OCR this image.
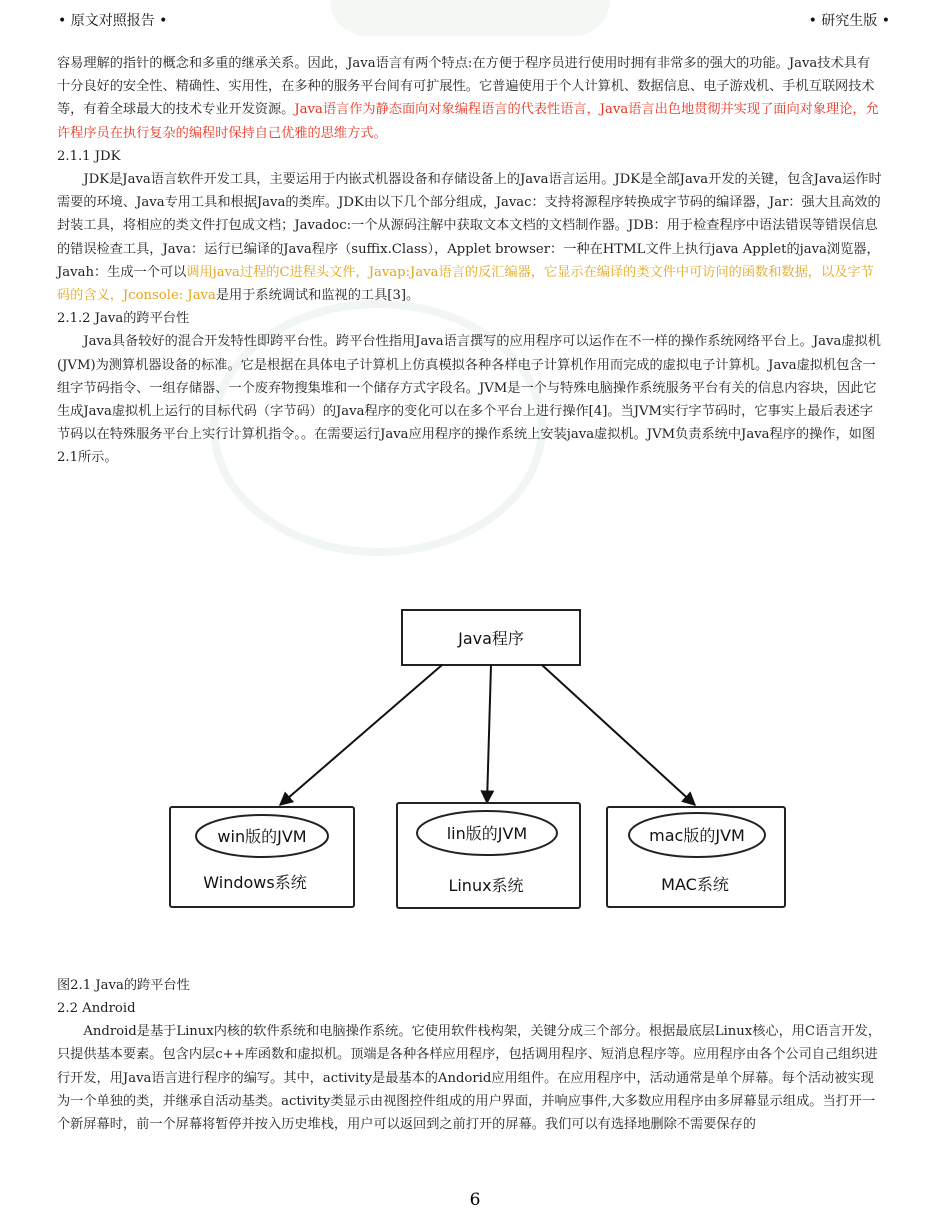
• 原文对照报告 •	• 研究生版 •

容易理解的指针的概念和多重的继承关系。因此，Java语言有两个特点:在方便于程序员进行使用时拥有非常多的强大的功能。Java技术具有十分良好的安全性、精确性、实用性，在多种的服务平台间有可扩展性。它普遍使用于个人计算机、数据信息、电子游戏机、手机互联网技术等，有着全球最大的技术专业开发资源。Java语言作为静态面向对象编程语言的代表性语言，Java语言出色地贯彻并实现了面向对象理论，允许程序员在执行复杂的编程时保持自己优雅的思维方式。

2.1.1 JDK

JDK是Java语言软件开发工具，主要运用于内嵌式机器设备和存储设备上的Java语言运用。JDK是全部Java开发的关键，包含Java运作时需要的环境、Java专用工具和根据Java的类库。JDK由以下几个部分组成，Javac：支持将源程序转换成字节码的编译器，Jar：强大且高效的封装工具，将相应的类文件打包成文档；Javadoc:一个从源码注解中获取文本文档的文档制作器。JDB：用于检查程序中语法错误等错误信息的错误检查工具，Java：运行已编译的Java程序（suffix.Class），Applet browser：一种在HTML文件上执行java Applet的java浏览器，Javah：生成一个可以调用java过程的C进程头文件，Javap:Java语言的反汇编器，它显示在编译的类文件中可访问的函数和数据，以及字节码的含义，Jconsole: Java是用于系统调试和监视的工具[3]。

2.1.2 Java的跨平台性

Java具备较好的混合开发特性即跨平台性。跨平台性指用Java语言撰写的应用程序可以运作在不一样的操作系统网络平台上。Java虚拟机(JVM)为测算机器设备的标准。它是根据在具体电子计算机上仿真模拟各种各样电子计算机作用而完成的虚拟电子计算机。Java虚拟机包含一组字节码指令、一组存储器、一个废弃物搜集堆和一个储存方式字段名。JVM是一个与特殊电脑操作系统服务平台有关的信息内容块，因此它生成Java虚拟机上运行的目标代码（字节码）的Java程序的变化可以在多个平台上进行操作[4]。当JVM实行字节码时，它事实上最后表述字节码以在特殊服务平台上实行计算机指令。。在需要运行Java应用程序的操作系统上安装java虚拟机。JVM负责系统中Java程序的操作，如图2.1所示。

Java程序
win版的JVM
Windows系统
lin版的JVM
Linux系统
mac版的JVM
MAC系统
图2.1 Java的跨平台性

2.2 Android

Android是基于Linux内核的软件系统和电脑操作系统。它使用软件栈构架，关键分成三个部分。根据最底层Linux核心，用C语言开发，只提供基本要素。包含内层c++库函数和虚拟机。顶端是各种各样应用程序，包括调用程序、短消息程序等。应用程序由各个公司自己组织进行开发，用Java语言进行程序的编写。其中，activity是最基本的Andorid应用组件。在应用程序中，活动通常是单个屏幕。每个活动被实现为一个单独的类，并继承自活动基类。activity类显示由视图控件组成的用户界面，并响应事件,大多数应用程序由多屏幕显示组成。当打开一个新屏幕时，前一个屏幕将暂停并按入历史堆栈，用户可以返回到之前打开的屏幕。我们可以有选择地删除不需要保存的

6
